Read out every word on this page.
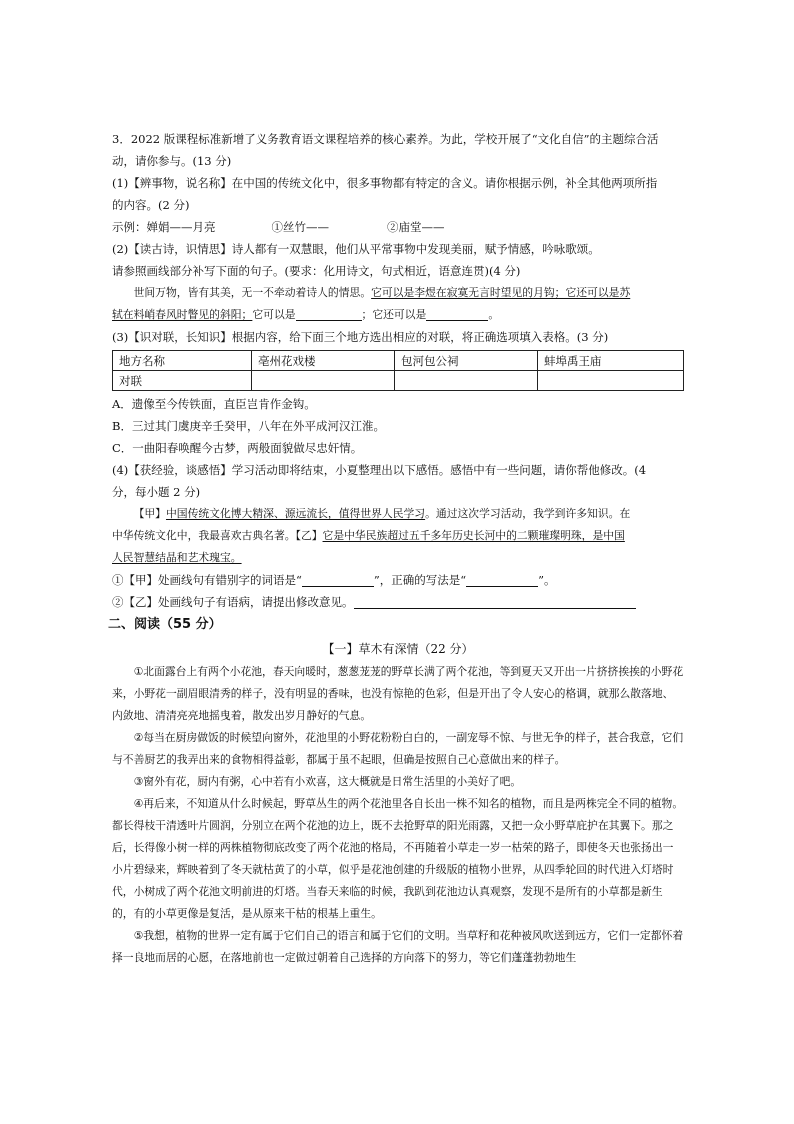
3．2022 版课程标准新增了义务教育语文课程培养的核心素养。为此，学校开展了“文化自信”的主题综合活

动，请你参与。(13 分)

(1)【辨事物，说名称】在中国的传统文化中，很多事物都有特定的含义。请你根据示例，补全其他两项所指

的内容。(2 分)

示例：婵娟——月亮	①丝竹——	②庙堂——

(2)【读古诗，识情思】诗人都有一双慧眼，他们从平常事物中发现美丽，赋予情感，吟咏歌颂。

请参照画线部分补写下面的句子。(要求：化用诗文，句式相近，语意连贯)(4 分)

世间万物，皆有其美，无一不牵动着诗人的情思。它可以是李煜在寂寞无言时望见的月钩；它还可以是苏

轼在料峭春风时瞥见的斜阳；它可以是	；它还可以是	。

(3)【识对联，长知识】根据内容，给下面三个地方选出相应的对联，将正确选项填入表格。(3 分)

地方名称	亳州花戏楼	包河包公祠	蚌埠禹王庙
对联			

A．遗像至今传铁面，直臣岂肯作金钩。

B．三过其门虞庚辛壬癸甲，八年在外平成河汉江淮。

C．一曲阳春唤醒今古梦，两般面貌做尽忠奸情。

(4)【获经验，谈感悟】学习活动即将结束，小夏整理出以下感悟。感悟中有一些问题，请你帮他修改。(4

分，每小题 2 分)

【甲】中国传统文化博大精深、源远流长，值得世界人民学习。通过这次学习活动，我学到许多知识。在

中华传统文化中，我最喜欢古典名著。【乙】它是中华民族超过五千多年历史长河中的二颗璀璨明珠，是中国

人民智慧结晶和艺术瑰宝。

①【甲】处画线句有错别字的词语是“	”，正确的写法是“	”。

②【乙】处画线句子有语病，请提出修改意见。

二、阅读（55 分）

【一】草木有深情（22 分）

①北面露台上有两个小花池，春天向暖时，葱葱茏茏的野草长满了两个花池，等到夏天又开出一片挤挤挨挨的小野花来，小野花一副眉眼清秀的样子，没有明显的香味，也没有惊艳的色彩，但是开出了令人安心的格调，就那么散落地、内敛地、清清亮亮地摇曳着，散发出岁月静好的气息。

②每当在厨房做饭的时候望向窗外，花池里的小野花粉粉白白的，一副宠辱不惊、与世无争的样子，甚合我意，它们与不善厨艺的我弄出来的食物相得益彰，都属于虽不起眼，但确是按照自己心意做出来的样子。

③窗外有花，厨内有粥，心中若有小欢喜，这大概就是日常生活里的小美好了吧。

④再后来，不知道从什么时候起，野草丛生的两个花池里各自长出一株不知名的植物，而且是两株完全不同的植物。都长得枝干清透叶片圆润，分别立在两个花池的边上，既不去抢野草的阳光雨露，又把一众小野草庇护在其翼下。那之后，长得像小树一样的两株植物彻底改变了两个花池的格局，不再随着小草走一岁一枯荣的路子，即使冬天也张扬出一小片碧绿来，辉映着到了冬天就枯黄了的小草，似乎是花池创建的升级版的植物小世界，从四季轮回的时代进入灯塔时代，小树成了两个花池文明前进的灯塔。当春天来临的时候，我趴到花池边认真观察，发现不是所有的小草都是新生的，有的小草更像是复活，是从原来干枯的根基上重生。

⑤我想，植物的世界一定有属于它们自己的语言和属于它们的文明。当草籽和花种被风吹送到远方，它们一定都怀着择一良地而居的心愿，在落地前也一定做过朝着自己选择的方向落下的努力，等它们蓬蓬勃勃地生
